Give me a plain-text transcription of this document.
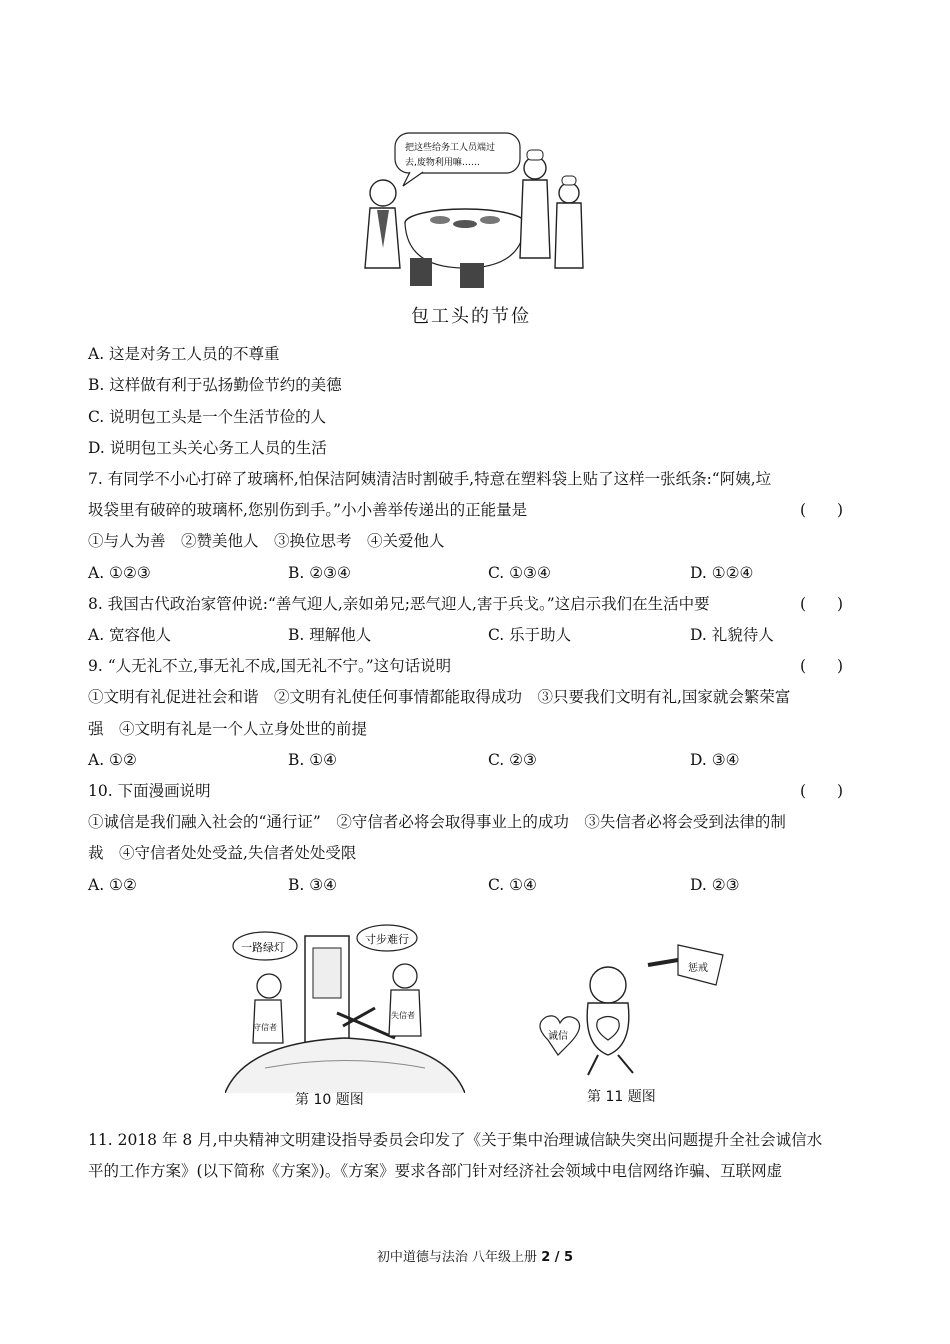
把这些给务工人员端过
去,废物利用嘛……
包工头的节俭
A. 这是对务工人员的不尊重
B. 这样做有利于弘扬勤俭节约的美德
C. 说明包工头是一个生活节俭的人
D. 说明包工头关心务工人员的生活
7. 有同学不小心打碎了玻璃杯,怕保洁阿姨清洁时割破手,特意在塑料袋上贴了这样一张纸条:“阿姨,垃
圾袋里有破碎的玻璃杯,您别伤到手。”小小善举传递出的正能量是	(　　)
①与人为善　②赞美他人　③换位思考　④关爱他人
A. ①②③	B. ②③④	C. ①③④	D. ①②④
8. 我国古代政治家管仲说:“善气迎人,亲如弟兄;恶气迎人,害于兵戈。”这启示我们在生活中要	(　　)
A. 宽容他人	B. 理解他人	C. 乐于助人	D. 礼貌待人
9. “人无礼不立,事无礼不成,国无礼不宁。”这句话说明	(　　)
①文明有礼促进社会和谐　②文明有礼使任何事情都能取得成功　③只要我们文明有礼,国家就会繁荣富
强　④文明有礼是一个人立身处世的前提
A. ①②	B. ①④	C. ②③	D. ③④
10. 下面漫画说明	(　　)
①诚信是我们融入社会的“通行证”　②守信者必将会取得事业上的成功　③失信者必将会受到法律的制
裁　④守信者处处受益,失信者处处受限
A. ①②	B. ③④	C. ①④	D. ②③
一路绿灯
寸步难行
守信者
失信者
第 10 题图
惩戒
诚信
第 11 题图
11. 2018 年 8 月,中央精神文明建设指导委员会印发了《关于集中治理诚信缺失突出问题提升全社会诚信水
平的工作方案》(以下简称《方案》)。《方案》要求各部门针对经济社会领域中电信网络诈骗、互联网虚
初中道德与法治 八年级上册 2 / 5
